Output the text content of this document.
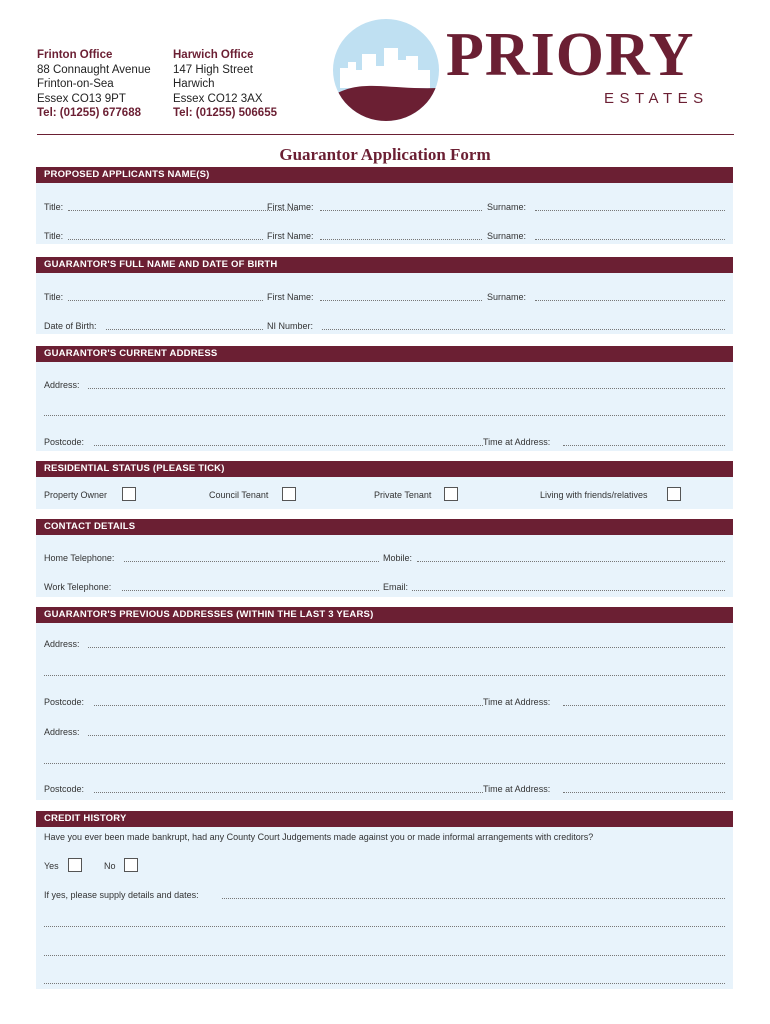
Frinton Office
88 Connaught Avenue
Frinton-on-Sea
Essex CO13 9PT
Tel: (01255) 677688
Harwich Office
147 High Street
Harwich
Essex CO12 3AX
Tel: (01255) 506655
PRIORY
ESTATES
Guarantor Application Form
PROPOSED APPLICANTS NAME(S)
Title:	First Name:	Surname:
Title:	First Name:	Surname:
GUARANTOR'S FULL NAME AND DATE OF BIRTH
Title:	First Name:	Surname:
Date of Birth:	NI Number:
GUARANTOR'S CURRENT ADDRESS
Address:
Postcode:	Time at Address:
RESIDENTIAL STATUS (PLEASE TICK)
Property Owner	Council Tenant	Private Tenant	Living with friends/relatives
CONTACT DETAILS
Home Telephone:	Mobile:
Work Telephone:	Email:
GUARANTOR'S PREVIOUS ADDRESSES (WITHIN THE LAST 3 YEARS)
Address:
Postcode:	Time at Address:
Address:
Postcode:	Time at Address:
CREDIT HISTORY
Have you ever been made bankrupt, had any County Court Judgements made against you or made informal arrangements with creditors?
Yes	No
If yes, please supply details and dates:
